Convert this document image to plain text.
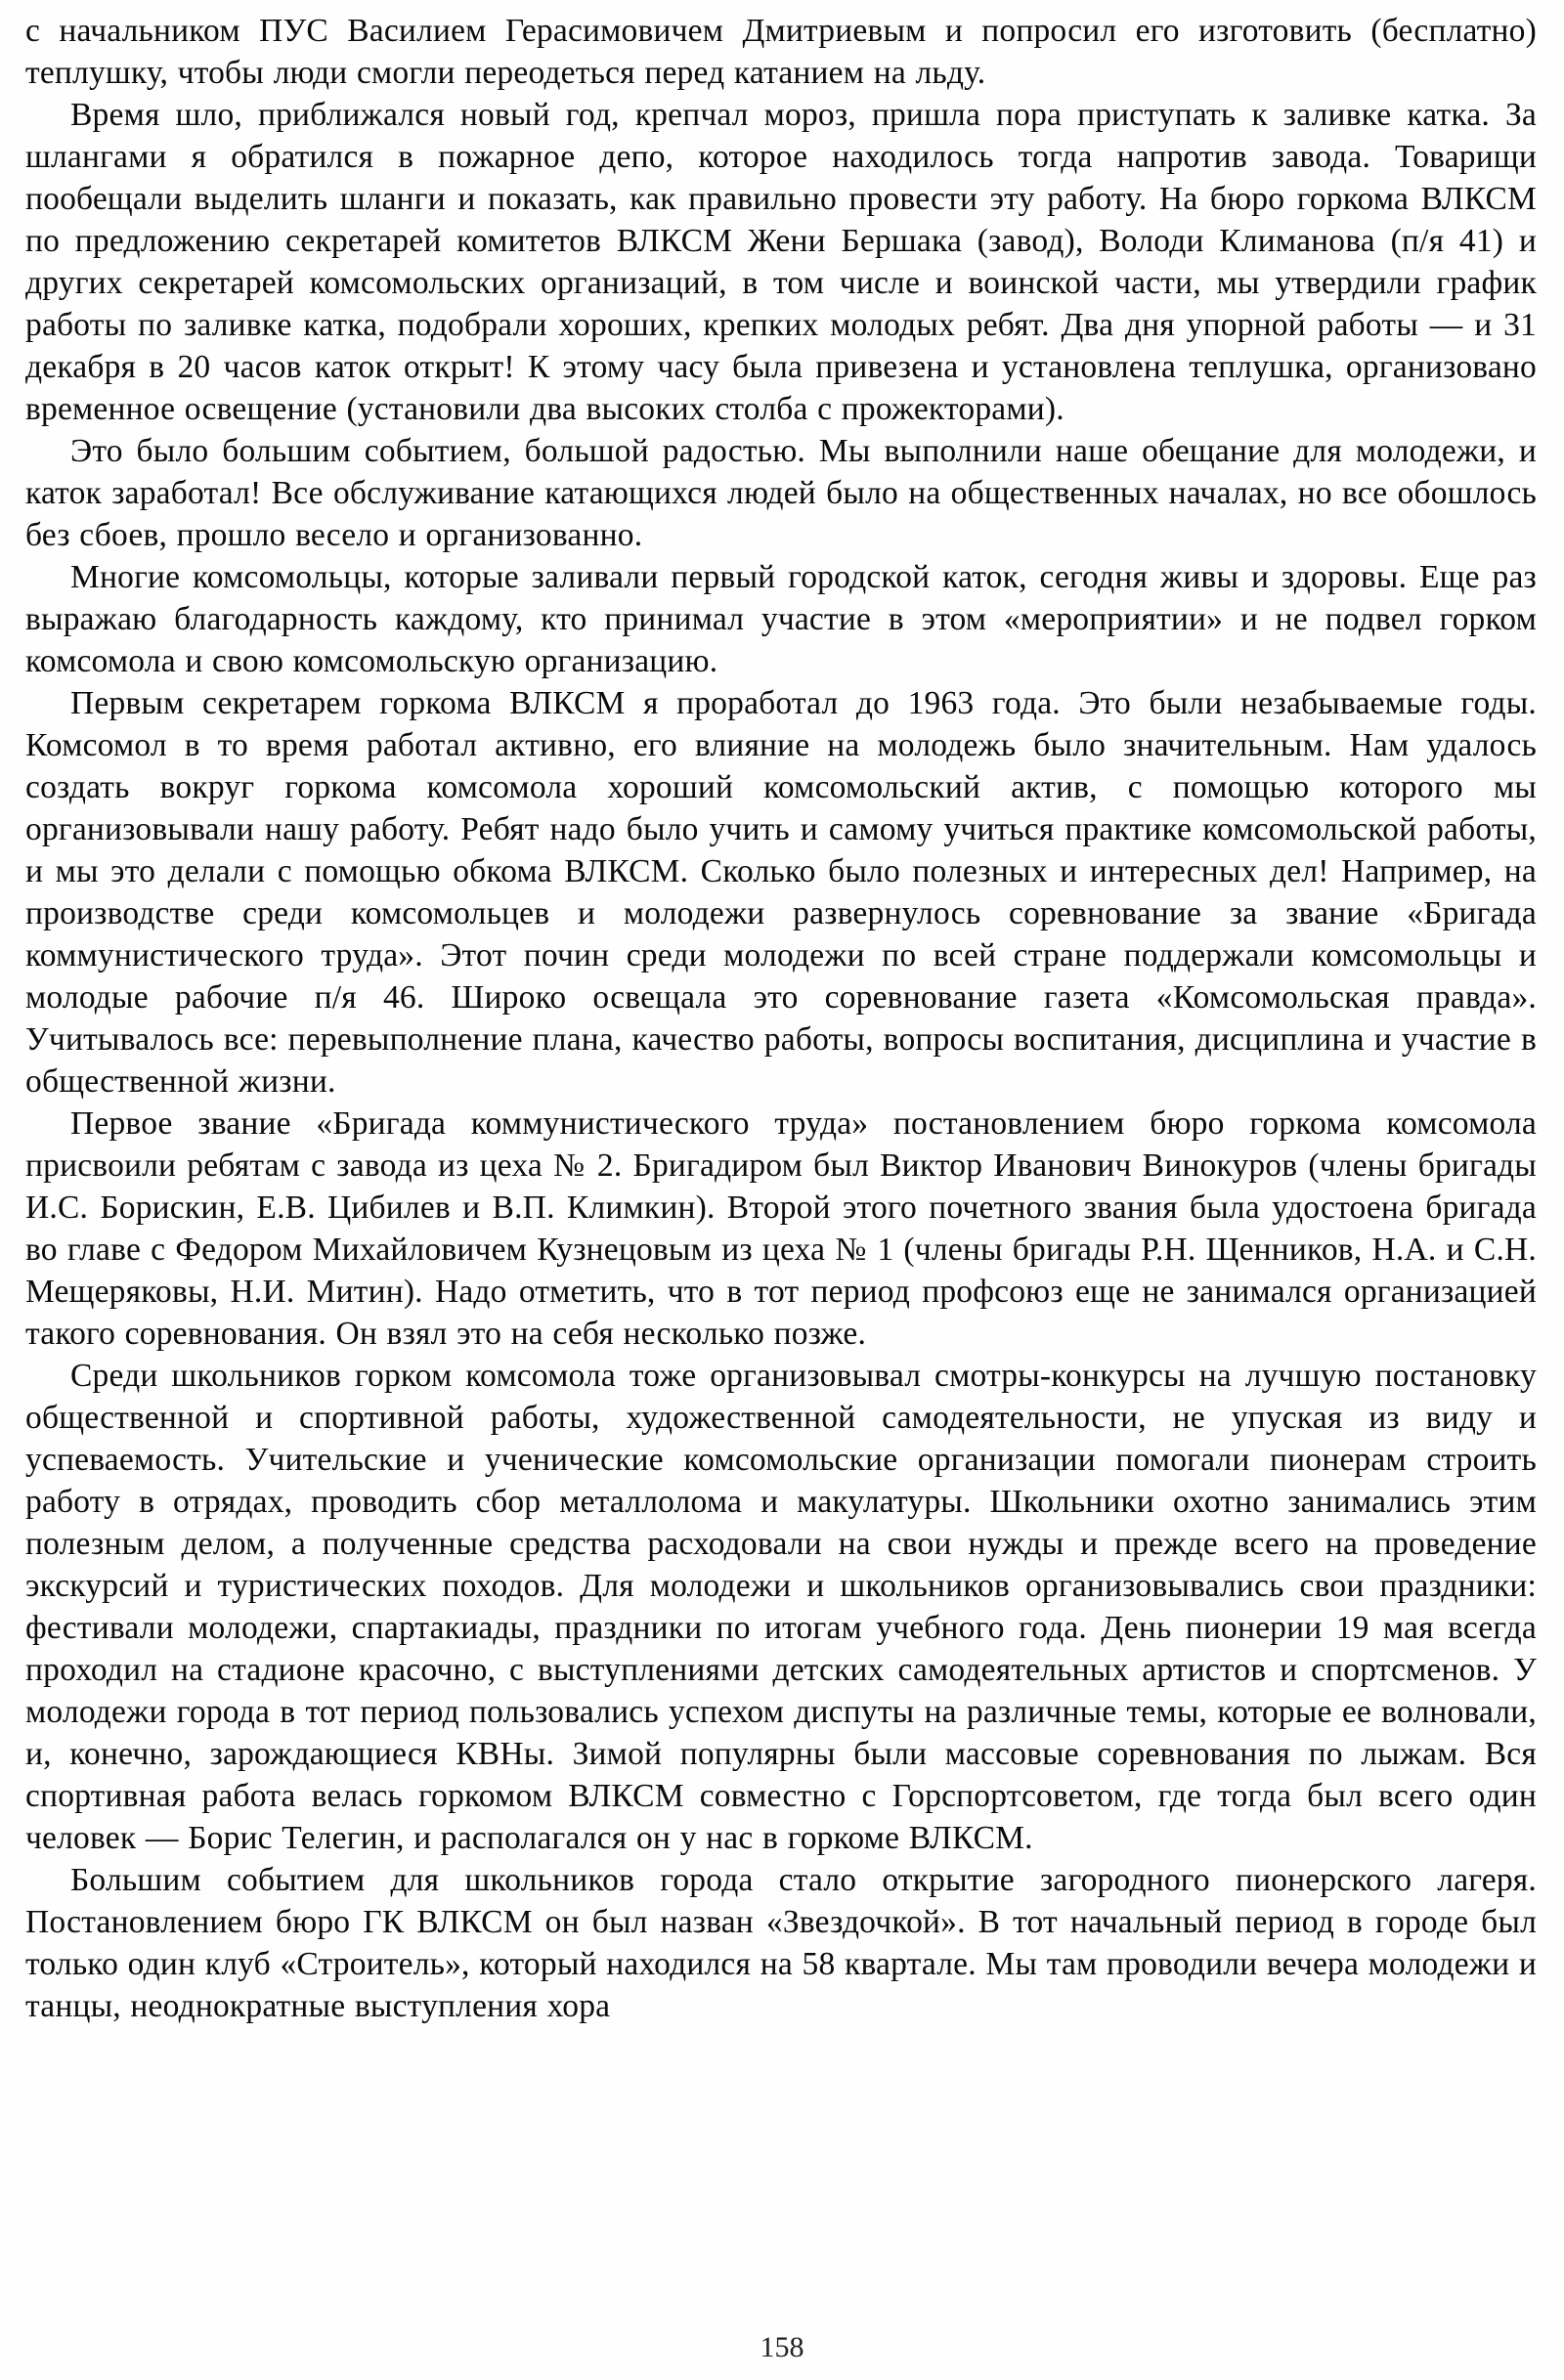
с начальником ПУС Василием Герасимовичем Дмитриевым и попросил его изготовить (бесплатно) теплушку, чтобы люди смогли переодеться перед катанием на льду.

Время шло, приближался новый год, крепчал мороз, пришла пора приступать к заливке катка. За шлангами я обратился в пожарное депо, которое находилось тогда напротив завода. Товарищи пообещали выделить шланги и показать, как правильно провести эту работу. На бюро горкома ВЛКСМ по предложению секретарей комитетов ВЛКСМ Жени Бершака (завод), Володи Климанова (п/я 41) и других секретарей комсомольских организаций, в том числе и воинской части, мы утвердили график работы по заливке катка, подобрали хороших, крепких молодых ребят. Два дня упорной работы — и 31 декабря в 20 часов каток открыт! К этому часу была привезена и установлена теплушка, организовано временное освещение (установили два высоких столба с прожекторами).

Это было большим событием, большой радостью. Мы выполнили наше обещание для молодежи, и каток заработал! Все обслуживание катающихся людей было на общественных началах, но все обошлось без сбоев, прошло весело и организованно.

Многие комсомольцы, которые заливали первый городской каток, сегодня живы и здоровы. Еще раз выражаю благодарность каждому, кто принимал участие в этом «мероприятии» и не подвел горком комсомола и свою комсомольскую организацию.

Первым секретарем горкома ВЛКСМ я проработал до 1963 года. Это были незабываемые годы. Комсомол в то время работал активно, его влияние на молодежь было значительным. Нам удалось создать вокруг горкома комсомола хороший комсомольский актив, с помощью которого мы организовывали нашу работу. Ребят надо было учить и самому учиться практике комсомольской работы, и мы это делали с помощью обкома ВЛКСМ. Сколько было полезных и интересных дел! Например, на производстве среди комсомольцев и молодежи развернулось соревнование за звание «Бригада коммунистического труда». Этот почин среди молодежи по всей стране поддержали комсомольцы и молодые рабочие п/я 46. Широко освещала это соревнование газета «Комсомольская правда». Учитывалось все: перевыполнение плана, качество работы, вопросы воспитания, дисциплина и участие в общественной жизни.

Первое звание «Бригада коммунистического труда» постановлением бюро горкома комсомола присвоили ребятам с завода из цеха № 2. Бригадиром был Виктор Иванович Винокуров (члены бригады И.С. Борискин, Е.В. Цибилев и В.П. Климкин). Второй этого почетного звания была удостоена бригада во главе с Федором Михайловичем Кузнецовым из цеха № 1 (члены бригады Р.Н. Щенников, Н.А. и С.Н. Мещеряковы, Н.И. Митин). Надо отметить, что в тот период профсоюз еще не занимался организацией такого соревнования. Он взял это на себя несколько позже.

Среди школьников горком комсомола тоже организовывал смотры-конкурсы на лучшую постановку общественной и спортивной работы, художественной самодеятельности, не упуская из виду и успеваемость. Учительские и ученические комсомольские организации помогали пионерам строить работу в отрядах, проводить сбор металлолома и макулатуры. Школьники охотно занимались этим полезным делом, а полученные средства расходовали на свои нужды и прежде всего на проведение экскурсий и туристических походов. Для молодежи и школьников организовывались свои праздники: фестивали молодежи, спартакиады, праздники по итогам учебного года. День пионерии 19 мая всегда проходил на стадионе красочно, с выступлениями детских самодеятельных артистов и спортсменов. У молодежи города в тот период пользовались успехом диспуты на различные темы, которые ее волновали, и, конечно, зарождающиеся КВНы. Зимой популярны были массовые соревнования по лыжам. Вся спортивная работа велась горкомом ВЛКСМ совместно с Горспортсоветом, где тогда был всего один человек — Борис Телегин, и располагался он у нас в горкоме ВЛКСМ.

Большим событием для школьников города стало открытие загородного пионерского лагеря. Постановлением бюро ГК ВЛКСМ он был назван «Звездочкой». В тот начальный период в городе был только один клуб «Строитель», который находился на 58 квартале. Мы там проводили вечера молодежи и танцы, неоднократные выступления хора

158
